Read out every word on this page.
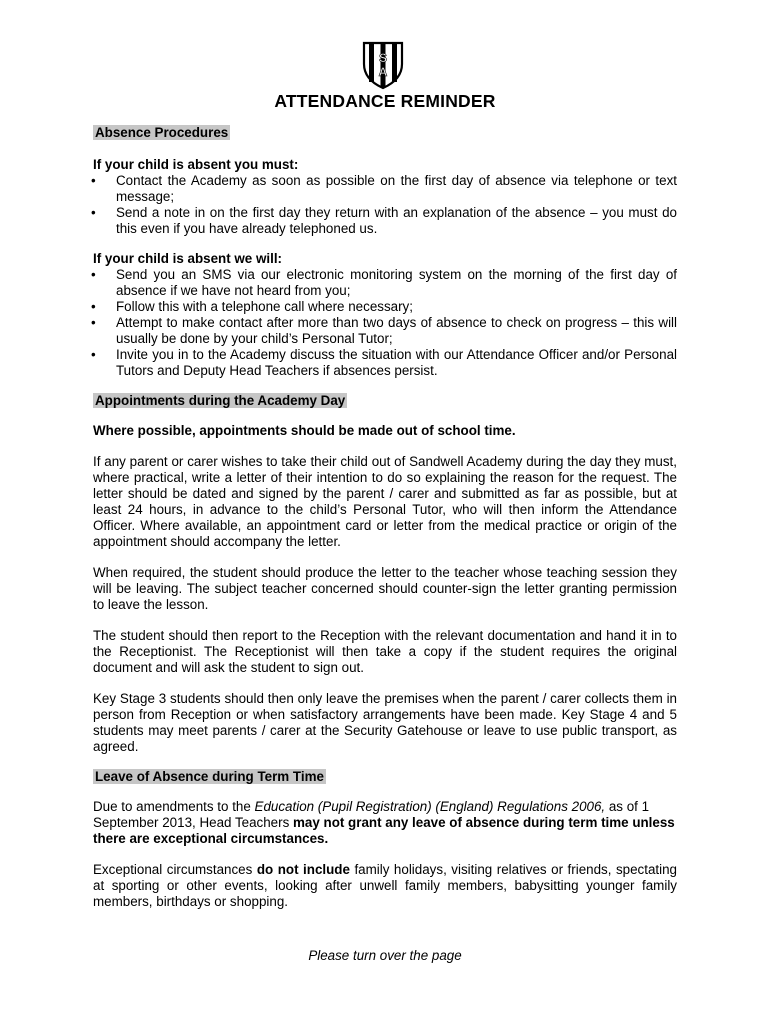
S
A
ATTENDANCE REMINDER
Absence Procedures

If your child is absent you must:

• Contact the Academy as soon as possible on the first day of absence via telephone or text message;
• Send a note in on the first day they return with an explanation of the absence – you must do this even if you have already telephoned us.

If your child is absent we will:

• Send you an SMS via our electronic monitoring system on the morning of the first day of absence if we have not heard from you;
• Follow this with a telephone call where necessary;
• Attempt to make contact after more than two days of absence to check on progress – this will usually be done by your child’s Personal Tutor;
• Invite you in to the Academy discuss the situation with our Attendance Officer and/or Personal Tutors and Deputy Head Teachers if absences persist.
Appointments during the Academy Day

Where possible, appointments should be made out of school time.

If any parent or carer wishes to take their child out of Sandwell Academy during the day they must, where practical, write a letter of their intention to do so explaining the reason for the request. The letter should be dated and signed by the parent / carer and submitted as far as possible, but at least 24 hours, in advance to the child’s Personal Tutor, who will then inform the Attendance Officer. Where available, an appointment card or letter from the medical practice or origin of the appointment should accompany the letter.

When required, the student should produce the letter to the teacher whose teaching session they will be leaving. The subject teacher concerned should counter-sign the letter granting permission to leave the lesson.

The student should then report to the Reception with the relevant documentation and hand it in to the Receptionist. The Receptionist will then take a copy if the student requires the original document and will ask the student to sign out.

Key Stage 3 students should then only leave the premises when the parent / carer collects them in person from Reception or when satisfactory arrangements have been made. Key Stage 4 and 5 students may meet parents / carer at the Security Gatehouse or leave to use public transport, as agreed.

Leave of Absence during Term Time

Due to amendments to the Education (Pupil Registration) (England) Regulations 2006, as of 1 September 2013, Head Teachers may not grant any leave of absence during term time unless there are exceptional circumstances.

Exceptional circumstances do not include family holidays, visiting relatives or friends, spectating at sporting or other events, looking after unwell family members, babysitting younger family members, birthdays or shopping.

Please turn over the page
